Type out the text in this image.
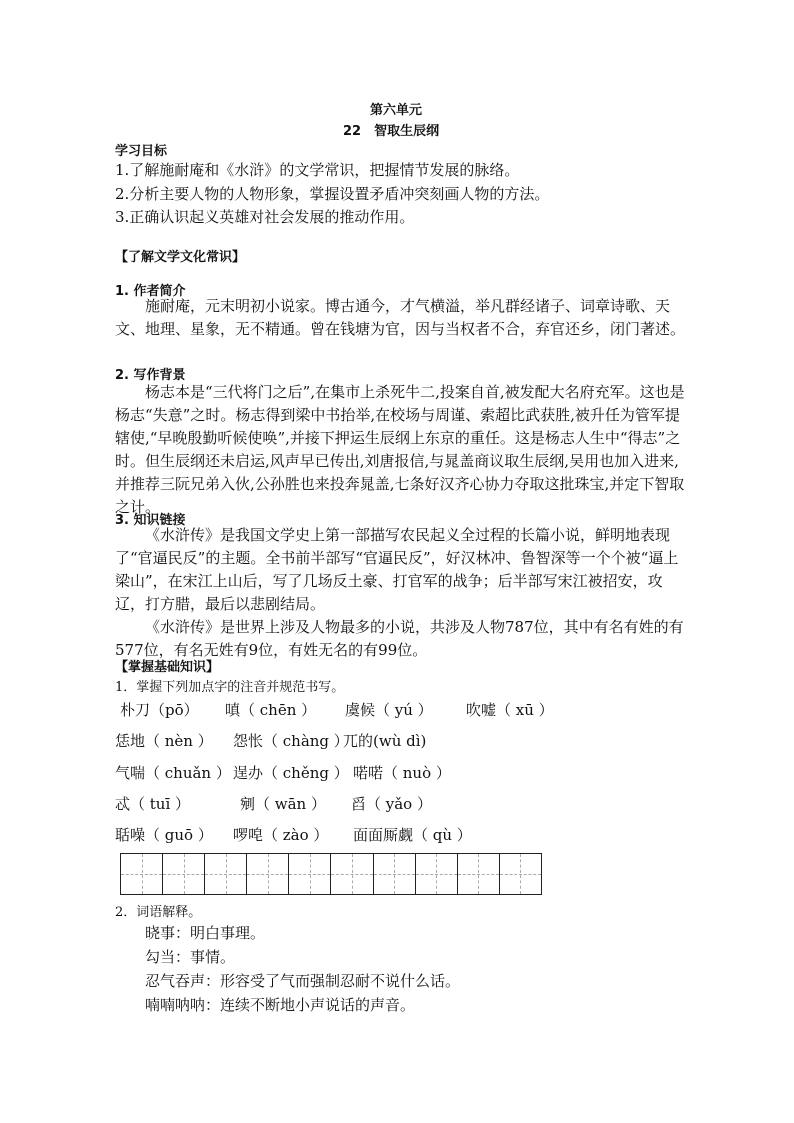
第六单元
22　智取生辰纲
学习目标
1.了解施耐庵和《水浒》的文学常识，把握情节发展的脉络。
2.分析主要人物的人物形象，掌握设置矛盾冲突刻画人物的方法。
3.正确认识起义英雄对社会发展的推动作用。
【了解文学文化常识】
1. 作者简介

施耐庵，元末明初小说家。博古通今，才气横溢，举凡群经诸子、词章诗歌、天文、地理、星象，无不精通。曾在钱塘为官，因与当权者不合，弃官还乡，闭门著述。

2. 写作背景

杨志本是“三代将门之后”,在集市上杀死牛二,投案自首,被发配大名府充军。这也是杨志“失意”之时。杨志得到梁中书抬举,在校场与周谨、索超比武获胜,被升任为管军提辖使,“早晚殷勤听候使唤”,并接下押运生辰纲上东京的重任。这是杨志人生中“得志”之时。但生辰纲还未启运,风声早已传出,刘唐报信,与晁盖商议取生辰纲,吴用也加入进来,并推荐三阮兄弟入伙,公孙胜也来投奔晁盖,七条好汉齐心协力夺取这批珠宝,并定下智取之计。

3. 知识链接

《水浒传》是我国文学史上第一部描写农民起义全过程的长篇小说，鲜明地表现了“官逼民反”的主题。全书前半部写“官逼民反”，好汉林冲、鲁智深等一个个被“逼上梁山”，在宋江上山后，写了几场反土豪、打官军的战争；后半部写宋江被招安，攻辽，打方腊，最后以悲剧结局。

《水浒传》是世界上涉及人物最多的小说，共涉及人物787位，其中有名有姓的有577位，有名无姓有9位，有姓无名的有99位。

【掌握基础知识】
1．掌握下列加点字的注音并规范书写。
朴刀（pō） 嗔（ chēn ） 虞候（ yú ） 吹嘘（ xū ）
恁地（ nèn ） 怨怅（ chàng ）
兀的(wù dì)
气喘（ chuǎn ） 逞办（ chěng ） 喏喏（ nuò ）
忒（ tuī ）	剜（ wān ） 舀（ yǎo ）
聒噪（ guō ） 啰唣（ zào ） 面面厮觑（ qù ）
2．词语解释。
晓事：明白事理。
勾当：事情。
忍气吞声：形容受了气而强制忍耐不说什么话。
喃喃呐呐：连续不断地小声说话的声音。
